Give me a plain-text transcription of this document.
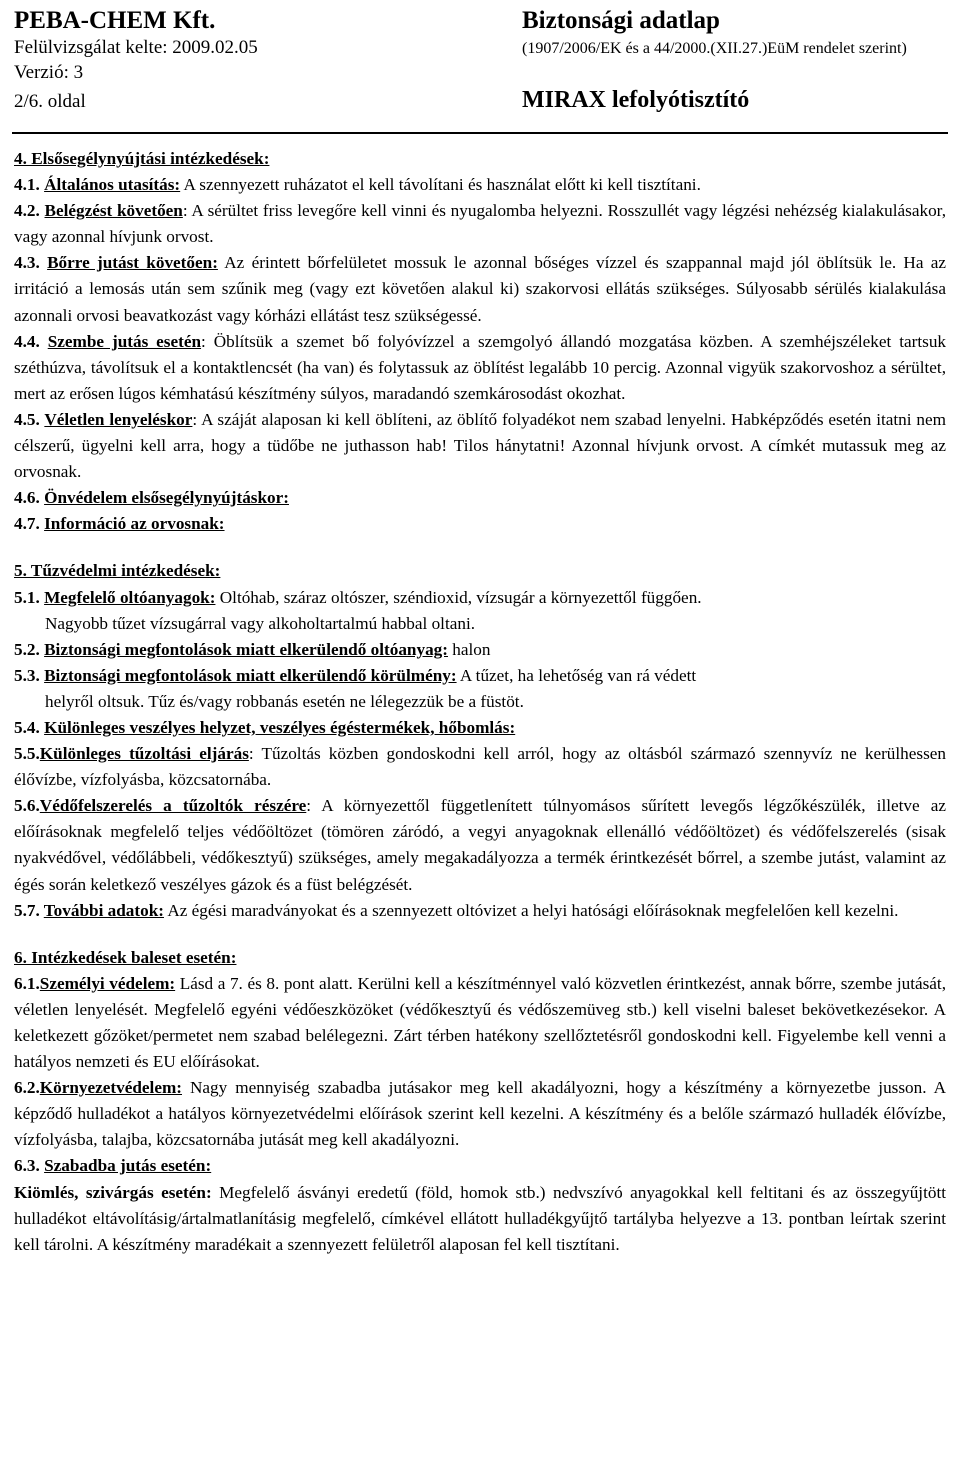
PEBA-CHEM Kft.	Biztonsági adatlap
Felülvizsgálat kelte: 2009.02.05	(1907/2006/EK és a 44/2000.(XII.27.)EüM rendelet szerint)
Verzió: 3
2/6. oldal	MIRAX lefolyótisztító

4. Elsősegélynyújtási intézkedések:

4.1. Általános utasítás: A szennyezett ruházatot el kell távolítani és használat előtt ki kell tisztítani.

4.2. Belégzést követően: A sérültet friss levegőre kell vinni és nyugalomba helyezni. Rosszullét vagy légzési nehézség kialakulásakor, vagy azonnal hívjunk orvost.

4.3. Bőrre jutást követően: Az érintett bőrfelületet mossuk le azonnal bőséges vízzel és szappannal majd jól öblítsük le. Ha az irritáció a lemosás után sem szűnik meg (vagy ezt követően alakul ki) szakorvosi ellátás szükséges. Súlyosabb sérülés kialakulása azonnali orvosi beavatkozást vagy kórházi ellátást tesz szükségessé.

4.4. Szembe jutás esetén: Öblítsük a szemet bő folyóvízzel a szemgolyó állandó mozgatása közben. A szemhéjszéleket tartsuk széthúzva, távolítsuk el a kontaktlencsét (ha van) és folytassuk az öblítést legalább 10 percig. Azonnal vigyük szakorvoshoz a sérültet, mert az erősen lúgos kémhatású készítmény súlyos, maradandó szemkárosodást okozhat.

4.5. Véletlen lenyeléskor: A száját alaposan ki kell öblíteni, az öblítő folyadékot nem szabad lenyelni. Habképződés esetén itatni nem célszerű, ügyelni kell arra, hogy a tüdőbe ne juthasson hab! Tilos hánytatni! Azonnal hívjunk orvost. A címkét mutassuk meg az orvosnak.

4.6. Önvédelem elsősegélynyújtáskor:

4.7. Információ az orvosnak:

5. Tűzvédelmi intézkedések:

5.1. Megfelelő oltóanyagok: Oltóhab, száraz oltószer, széndioxid, vízsugár a környezettől függően.

Nagyobb tűzet vízsugárral vagy alkoholtartalmú habbal oltani.

5.2. Biztonsági megfontolások miatt elkerülendő oltóanyag: halon

5.3. Biztonsági megfontolások miatt elkerülendő körülmény: A tűzet, ha lehetőség van rá védett

helyről oltsuk. Tűz és/vagy robbanás esetén ne lélegezzük be a füstöt.

5.4. Különleges veszélyes helyzet, veszélyes égéstermékek, hőbomlás:

5.5.Különleges tűzoltási eljárás: Tűzoltás közben gondoskodni kell arról, hogy az oltásból származó szennyvíz ne kerülhessen élővízbe, vízfolyásba, közcsatornába.

5.6.Védőfelszerelés a tűzoltók részére: A környezettől függetlenített túlnyomásos sűrített levegős légzőkészülék, illetve az előírásoknak megfelelő teljes védőöltözet (tömören záródó, a vegyi anyagoknak ellenálló védőöltözet) és védőfelszerelés (sisak nyakvédővel, védőlábbeli, védőkesztyű) szükséges, amely megakadályozza a termék érintkezését bőrrel, a szembe jutást, valamint az égés során keletkező veszélyes gázok és a füst belégzését.

5.7. További adatok: Az égési maradványokat és a szennyezett oltóvizet a helyi hatósági előírásoknak megfelelően kell kezelni.

6. Intézkedések baleset esetén:

6.1.Személyi védelem: Lásd a 7. és 8. pont alatt. Kerülni kell a készítménnyel való közvetlen érintkezést, annak bőrre, szembe jutását, véletlen lenyelését. Megfelelő egyéni védőeszközöket (védőkesztyű és védőszemüveg stb.) kell viselni baleset bekövetkezésekor. A keletkezett gőzöket/permetet nem szabad belélegezni. Zárt térben hatékony szellőztetésről gondoskodni kell. Figyelembe kell venni a hatályos nemzeti és EU előírásokat.

6.2.Környezetvédelem: Nagy mennyiség szabadba jutásakor meg kell akadályozni, hogy a készítmény a környezetbe jusson. A képződő hulladékot a hatályos környezetvédelmi előírások szerint kell kezelni. A készítmény és a belőle származó hulladék élővízbe, vízfolyásba, talajba, közcsatornába jutását meg kell akadályozni.

6.3. Szabadba jutás esetén:

Kiömlés, szivárgás esetén: Megfelelő ásványi eredetű (föld, homok stb.) nedvszívó anyagokkal kell feltitani és az összegyűjtött hulladékot eltávolításig/ártalmatlanításig megfelelő, címkével ellátott hulladékgyűjtő tartályba helyezve a 13. pontban leírtak szerint kell tárolni. A készítmény maradékait a szennyezett felületről alaposan fel kell tisztítani.
